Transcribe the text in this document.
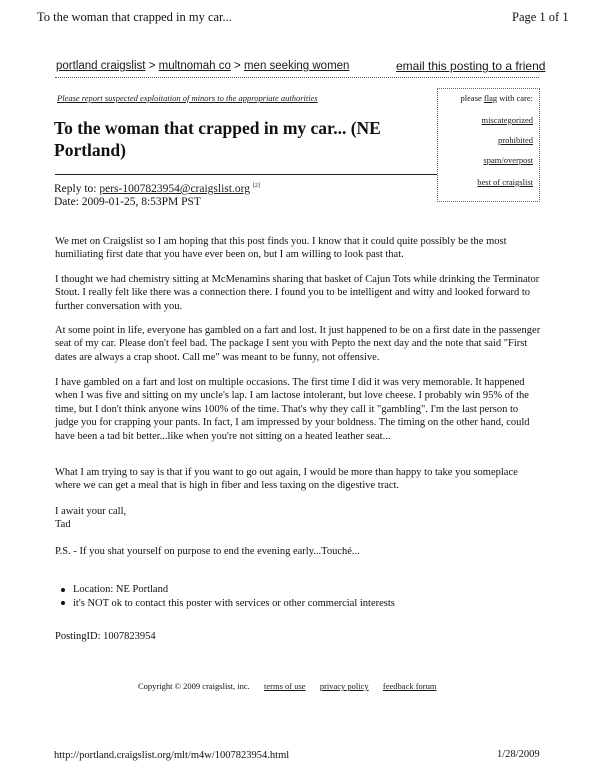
To the woman that crapped in my car...	Page 1 of 1
portland craigslist > multnomah co > men seeking women	email this posting to a friend
Please report suspected exploitation of minors to the appropriate authorities	please flag with care:
miscategorized
prohibited
spam/overpost
best of craigslist
To the woman that crapped in my car... (NE
Portland)
Reply to: pers-1007823954@craigslist.org [2]
Date: 2009-01-25, 8:53PM PST
We met on Craigslist so I am hoping that this post finds you. I know that it could quite possibly be the most humiliating first date that you have ever been on, but I am willing to look past that.
I thought we had chemistry sitting at McMenamins sharing that basket of Cajun Tots while drinking the Terminator Stout. I really felt like there was a connection there. I found you to be intelligent and witty and looked forward to further conversation with you.
At some point in life, everyone has gambled on a fart and lost. It just happened to be on a first date in the passenger seat of my car. Please don't feel bad. The package I sent you with Pepto the next day and the note that said "First dates are always a crap shoot. Call me" was meant to be funny, not offensive.
I have gambled on a fart and lost on multiple occasions. The first time I did it was very memorable. It happened when I was five and sitting on my uncle's lap. I am lactose intolerant, but love cheese. I probably win 95% of the time, but I don't think anyone wins 100% of the time. That's why they call it "gambling". I'm the last person to judge you for crapping your pants. In fact, I am impressed by your boldness. The timing on the other hand, could have been a tad bit better...like when you're not sitting on a heated leather seat...
What I am trying to say is that if you want to go out again, I would be more than happy to take you someplace where we can get a meal that is high in fiber and less taxing on the digestive tract.
I await your call,
Tad
P.S. - If you shat yourself on purpose to end the evening early...Touché...
Location: NE Portland
it's NOT ok to contact this poster with services or other commercial interests
PostingID: 1007823954
Copyright © 2009 craigslist, inc. terms of use privacy policy feedback forum
http://portland.craigslist.org/mlt/m4w/1007823954.html	1/28/2009
